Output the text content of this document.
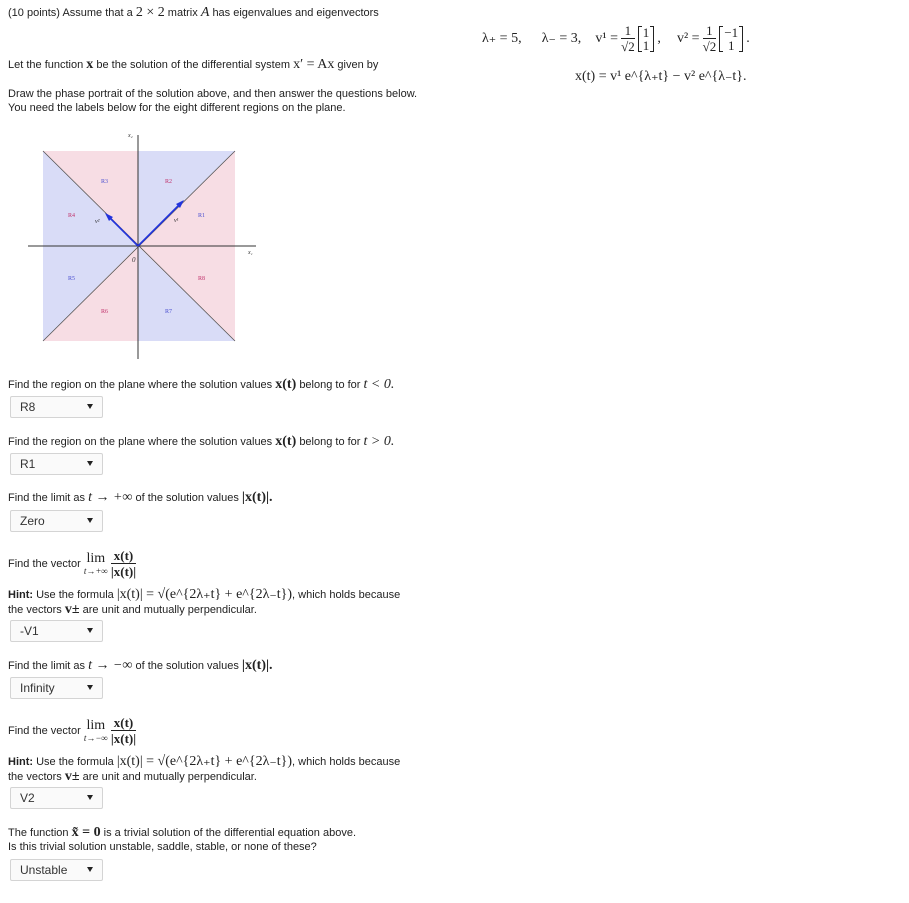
(10 points) Assume that a 2 × 2 matrix A has eigenvalues and eigenvectors
λ₊ = 5, λ₋ = 3, $v^1 = \frac{1}{√2}$
1
1 , $v^2 = \frac{1}{√2}$
−1
1 .
x(t) = v¹ e^{λ₊t} − v² e^{λ₋t}.
Let the function x be the solution of the differential system x′ = Ax given by
Draw the phase portrait of the solution above, and then answer the questions below.
You need the labels below for the eight different regions on the plane.
x₂
x₁
0
R1
R2
R3
R4
R5
R6	R7
R8
v¹
v²
Find the region on the plane where the solution values x(t) belong to for t < 0.
R8
Find the region on the plane where the solution values x(t) belong to for t > 0.
R1
Find the limit as t → +∞ of the solution values |x(t)|.
Zero
Find the vector lim
t→+∞
$\frac{x(t)}{|x(t)|}$
Hint: Use the formula |x(t)| = √(e^{2λ₊t} + e^{2λ₋t}), which holds because
the vectors v± are unit and mutually perpendicular.
-V1
Find the limit as t → −∞ of the solution values |x(t)|.
Infinity
Find the vector lim
t→−∞
$\frac{x(t)}{|x(t)|}$
Hint: Use the formula |x(t)| = √(e^{2λ₊t} + e^{2λ₋t}), which holds because
the vectors v± are unit and mutually perpendicular.
V2
The function x̃ = 0 is a trivial solution of the differential equation above.
Is this trivial solution unstable, saddle, stable, or none of these?
Unstable
